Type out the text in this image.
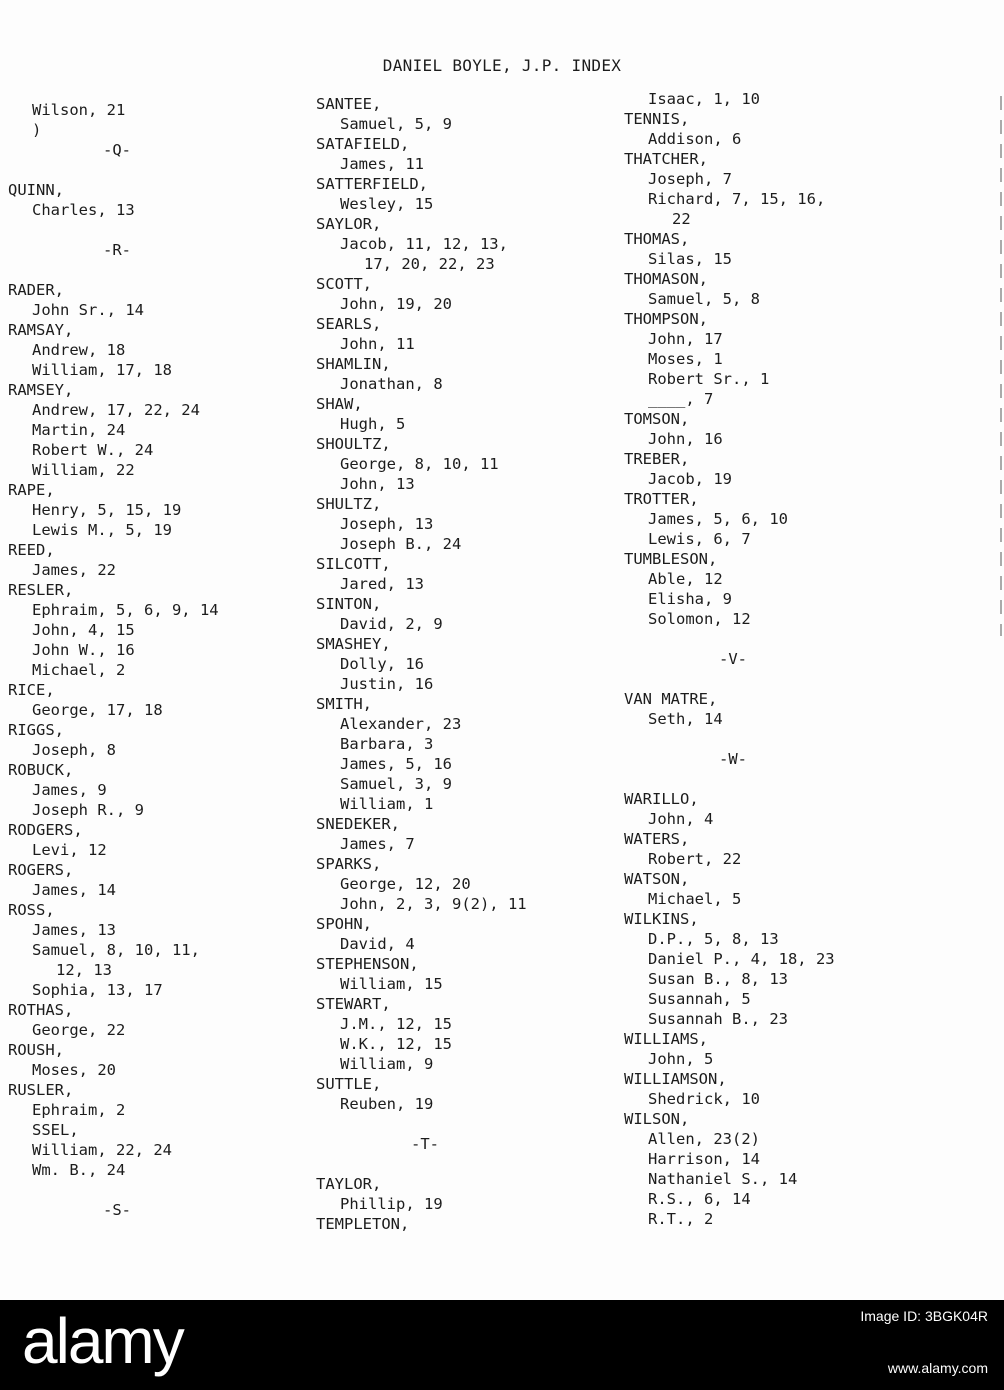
DANIEL BOYLE, J.P. INDEX
Wilson, 21
)
-Q-
QUINN,
Charles, 13
-R-
RADER,
John Sr., 14
RAMSAY,
Andrew, 18
William, 17, 18
RAMSEY,
Andrew, 17, 22, 24
Martin, 24
Robert W., 24
William, 22
RAPE,
Henry, 5, 15, 19
Lewis M., 5, 19
REED,
James, 22
RESLER,
Ephraim, 5, 6, 9, 14
John, 4, 15
John W., 16
Michael, 2
RICE,
George, 17, 18
RIGGS,
Joseph, 8
ROBUCK,
James, 9
Joseph R., 9
RODGERS,
Levi, 12
ROGERS,
James, 14
ROSS,
James, 13
Samuel, 8, 10, 11,
12, 13
Sophia, 13, 17
ROTHAS,
George, 22
ROUSH,
Moses, 20
RUSLER,
Ephraim, 2
SSEL,
William, 22, 24
Wm. B., 24
-S-
SANTEE,
Samuel, 5, 9
SATAFIELD,
James, 11
SATTERFIELD,
Wesley, 15
SAYLOR,
Jacob, 11, 12, 13,
17, 20, 22, 23
SCOTT,
John, 19, 20
SEARLS,
John, 11
SHAMLIN,
Jonathan, 8
SHAW,
Hugh, 5
SHOULTZ,
George, 8, 10, 11
John, 13
SHULTZ,
Joseph, 13
Joseph B., 24
SILCOTT,
Jared, 13
SINTON,
David, 2, 9
SMASHEY,
Dolly, 16
Justin, 16
SMITH,
Alexander, 23
Barbara, 3
James, 5, 16
Samuel, 3, 9
William, 1
SNEDEKER,
James, 7
SPARKS,
George, 12, 20
John, 2, 3, 9(2), 11
SPOHN,
David, 4
STEPHENSON,
William, 15
STEWART,
J.M., 12, 15
W.K., 12, 15
William, 9
SUTTLE,
Reuben, 19
-T-
TAYLOR,
Phillip, 19
TEMPLETON,
Isaac, 1, 10
TENNIS,
Addison, 6
THATCHER,
Joseph, 7
Richard, 7, 15, 16,
22
THOMAS,
Silas, 15
THOMASON,
Samuel, 5, 8
THOMPSON,
John, 17
Moses, 1
Robert Sr., 1
____, 7
TOMSON,
John, 16
TREBER,
Jacob, 19
TROTTER,
James, 5, 6, 10
Lewis, 6, 7
TUMBLESON,
Able, 12
Elisha, 9
Solomon, 12
-V-
VAN MATRE,
Seth, 14
-W-
WARILLO,
John, 4
WATERS,
Robert, 22
WATSON,
Michael, 5
WILKINS,
D.P., 5, 8, 13
Daniel P., 4, 18, 23
Susan B., 8, 13
Susannah, 5
Susannah B., 23
WILLIAMS,
John, 5
WILLIAMSON,
Shedrick, 10
WILSON,
Allen, 23(2)
Harrison, 14
Nathaniel S., 14
R.S., 6, 14
R.T., 2
alamy	Image ID: 3BGK04R
www.alamy.com
